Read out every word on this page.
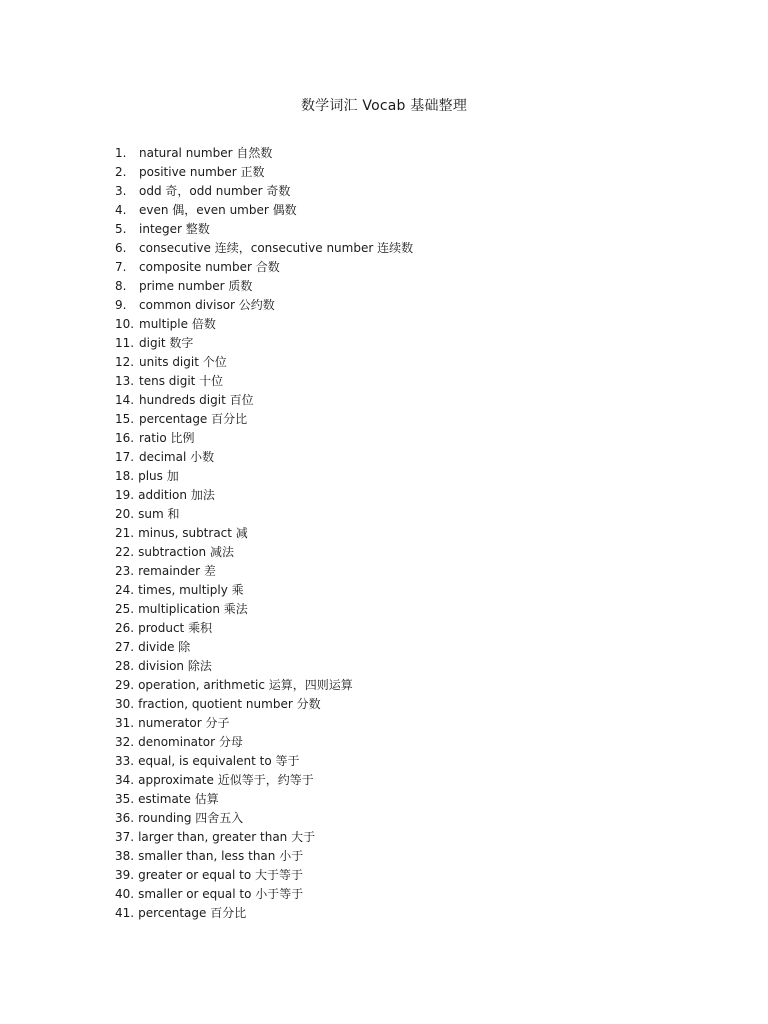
数学词汇 Vocab 基础整理
1. natural number 自然数
2. positive number 正数
3. odd 奇，odd number 奇数
4. even 偶，even umber 偶数
5. integer 整数
6. consecutive 连续，consecutive number 连续数
7. composite number 合数
8. prime number 质数
9. common divisor 公约数
10. multiple 倍数
11. digit 数字
12. units digit 个位
13. tens digit 十位
14. hundreds digit 百位
15. percentage 百分比
16. ratio 比例
17. decimal 小数
18. plus 加
19. addition 加法
20. sum 和
21. minus, subtract 减
22. subtraction 减法
23. remainder 差
24. times, multiply 乘
25. multiplication 乘法
26. product 乘积
27. divide 除
28. division 除法
29. operation, arithmetic 运算，四则运算
30. fraction, quotient number 分数
31. numerator 分子
32. denominator 分母
33. equal, is equivalent to 等于
34. approximate 近似等于，约等于
35. estimate 估算
36. rounding 四舍五入
37. larger than, greater than 大于
38. smaller than, less than 小于
39. greater or equal to 大于等于
40. smaller or equal to 小于等于
41. percentage 百分比
